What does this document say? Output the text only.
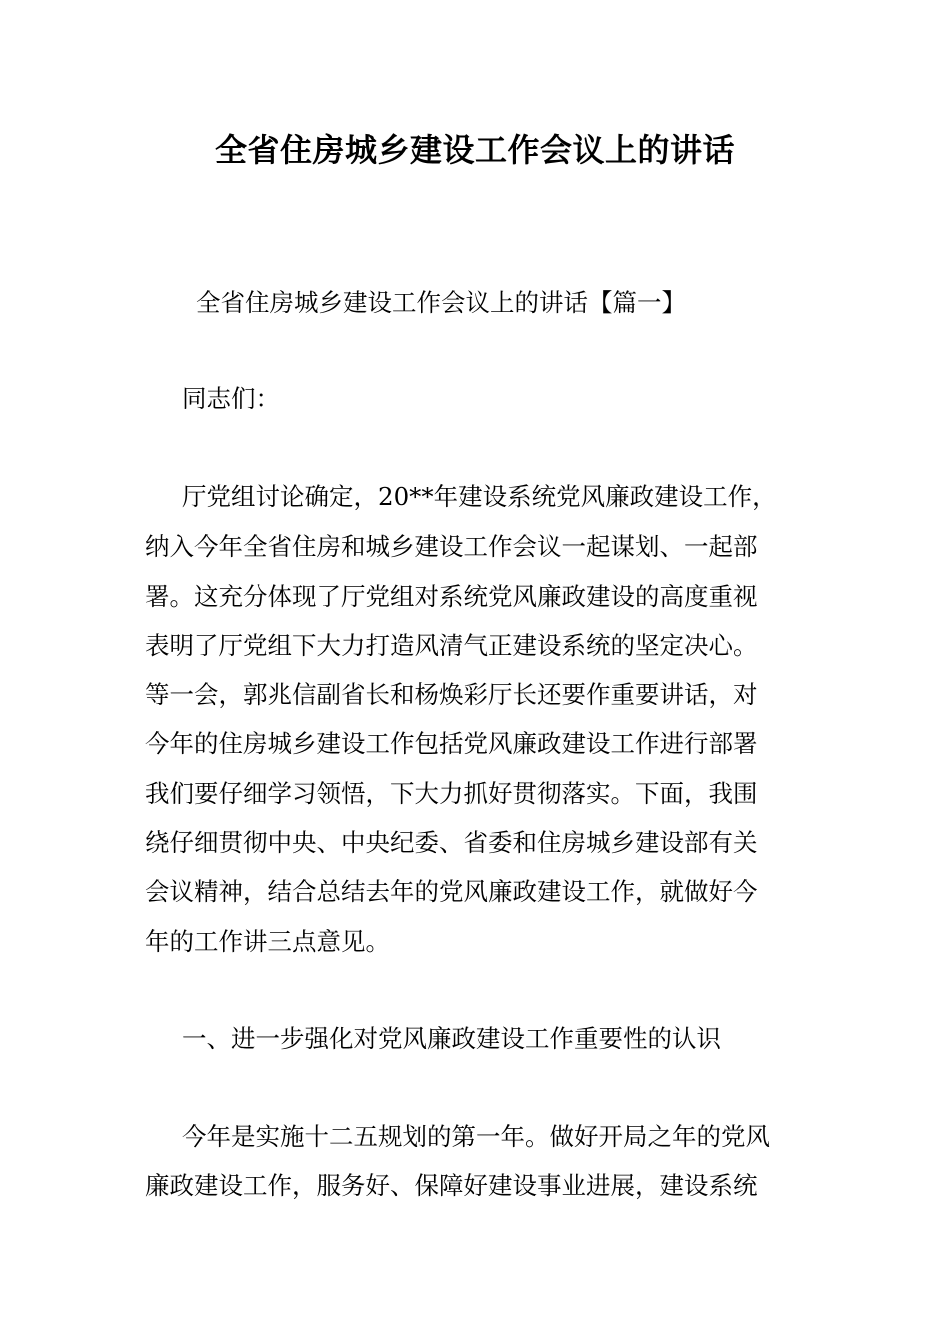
全省住房城乡建设工作会议上的讲话

全省住房城乡建设工作会议上的讲话【篇一】

同志们：

厅党组讨论确定，20**年建设系统党风廉政建设工作，

纳入今年全省住房和城乡建设工作会议一起谋划、一起部

署。这充分体现了厅党组对系统党风廉政建设的高度重视

表明了厅党组下大力打造风清气正建设系统的坚定决心。

等一会，郭兆信副省长和杨焕彩厅长还要作重要讲话，对

今年的住房城乡建设工作包括党风廉政建设工作进行部署

我们要仔细学习领悟，下大力抓好贯彻落实。下面，我围

绕仔细贯彻中央、中央纪委、省委和住房城乡建设部有关

会议精神，结合总结去年的党风廉政建设工作，就做好今

年的工作讲三点意见。

一、进一步强化对党风廉政建设工作重要性的认识

今年是实施十二五规划的第一年。做好开局之年的党风

廉政建设工作，服务好、保障好建设事业进展，建设系统
